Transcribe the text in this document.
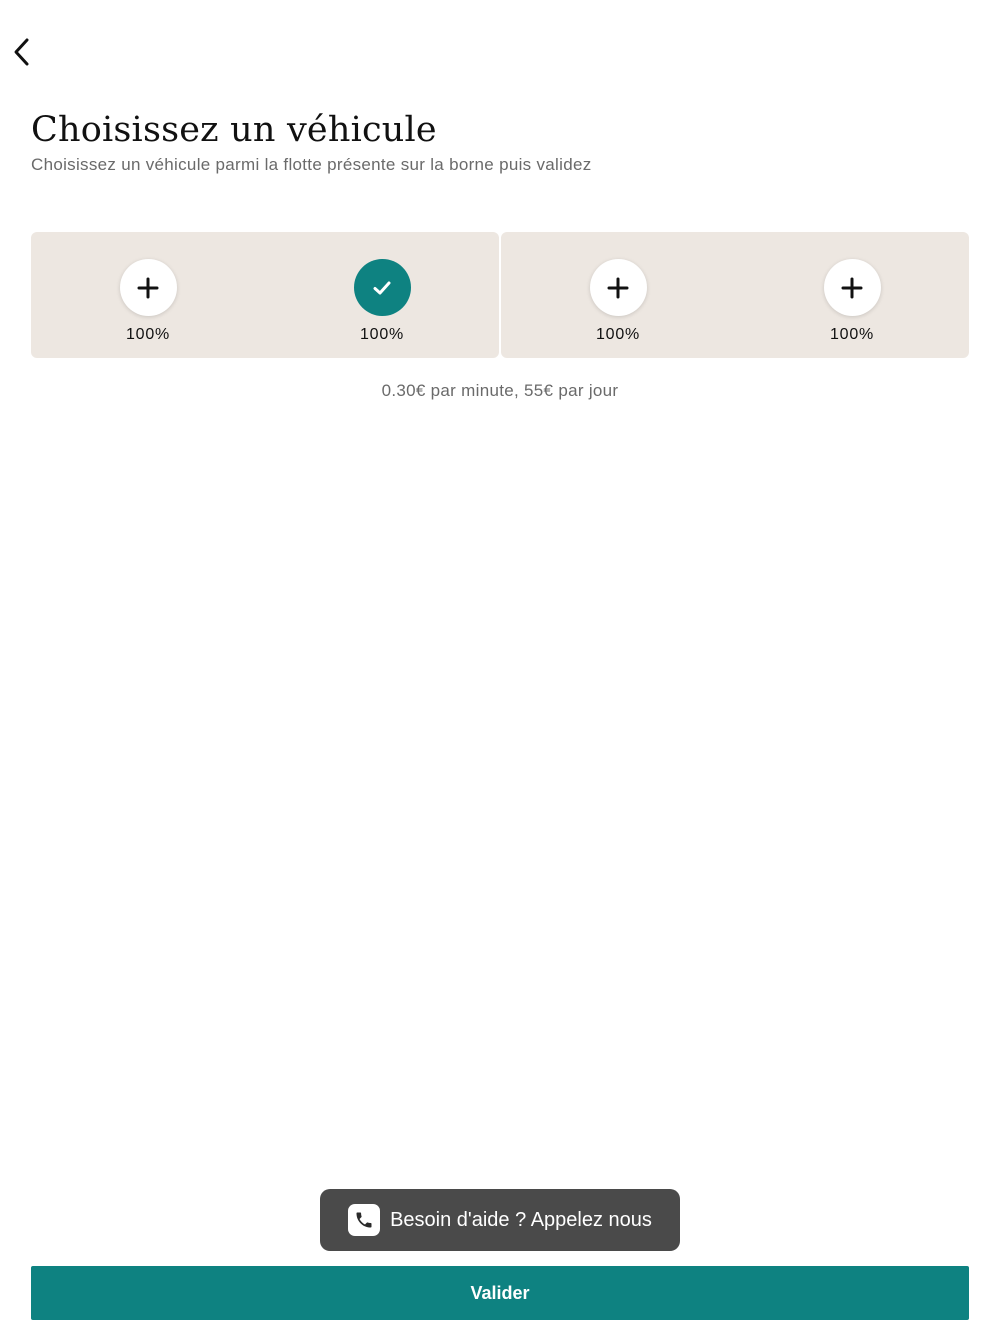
Choisissez un véhicule

Choisissez un véhicule parmi la flotte présente sur la borne puis validez

100%	100%	100%	100%

0.30€ par minute, 55€ par jour

Besoin d'aide ? Appelez nous
Valider
